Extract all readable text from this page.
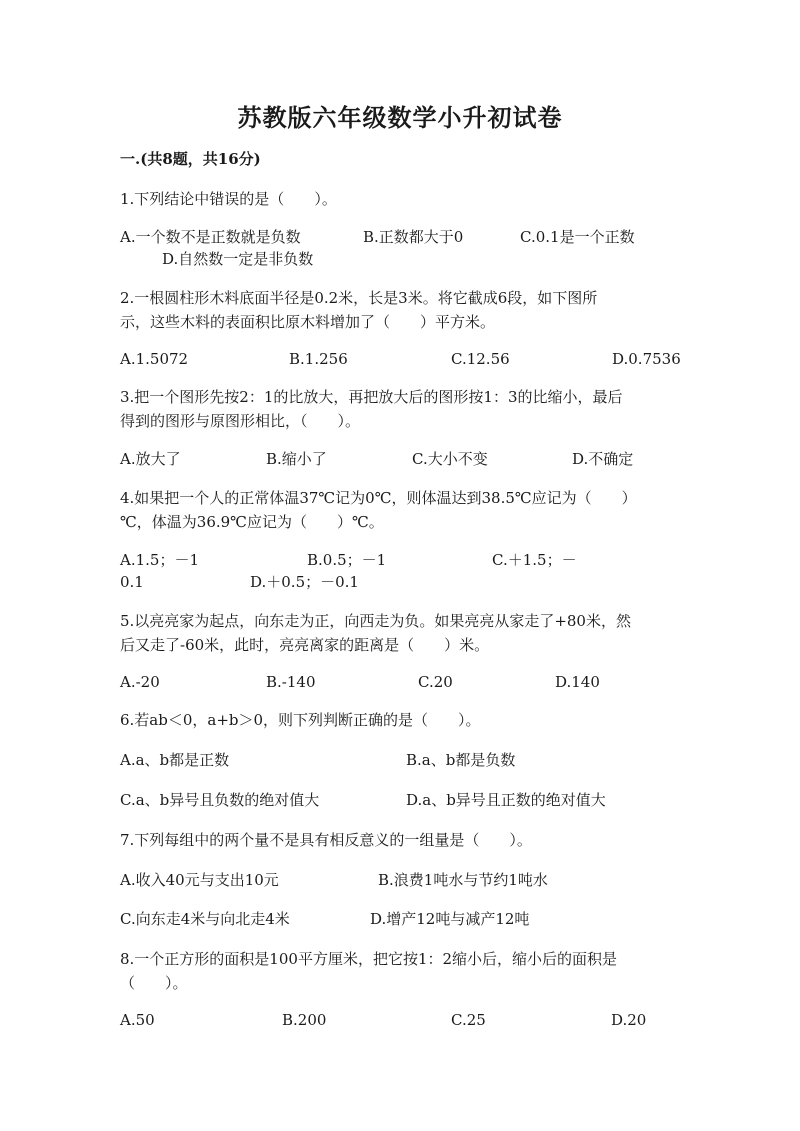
苏教版六年级数学小升初试卷
一.(共8题，共16分)
1.下列结论中错误的是（　　）。
A.一个数不是正数就是负数	B.正数都大于0	C.0.1是一个正数
D.自然数一定是非负数
2.一根圆柱形木料底面半径是0.2米，长是3米。将它截成6段，如下图所
示，这些木料的表面积比原木料增加了（　　）平方米。
A.1.5072	B.1.256	C.12.56	D.0.7536
3.把一个图形先按2：1的比放大，再把放大后的图形按1：3的比缩小，最后
得到的图形与原图形相比，（　　）。
A.放大了	B.缩小了	C.大小不变	D.不确定
4.如果把一个人的正常体温37℃记为0℃，则体温达到38.5℃应记为（　　）
℃，体温为36.9℃应记为（　　）℃。
A.1.5；－1	B.0.5；－1	C.＋1.5；－
0.1	D.＋0.5；－0.1
5.以亮亮家为起点，向东走为正，向西走为负。如果亮亮从家走了+80米，然
后又走了-60米，此时，亮亮离家的距离是（　　）米。
A.-20	B.-140	C.20	D.140
6.若ab＜0，a+b＞0，则下列判断正确的是（　　）。
A.a、b都是正数	B.a、b都是负数
C.a、b异号且负数的绝对值大	D.a、b异号且正数的绝对值大
7.下列每组中的两个量不是具有相反意义的一组量是（　　）。
A.收入40元与支出10元	B.浪费1吨水与节约1吨水
C.向东走4米与向北走4米	D.增产12吨与减产12吨
8.一个正方形的面积是100平方厘米，把它按1：2缩小后，缩小后的面积是
（　　）。
A.50	B.200	C.25	D.20
